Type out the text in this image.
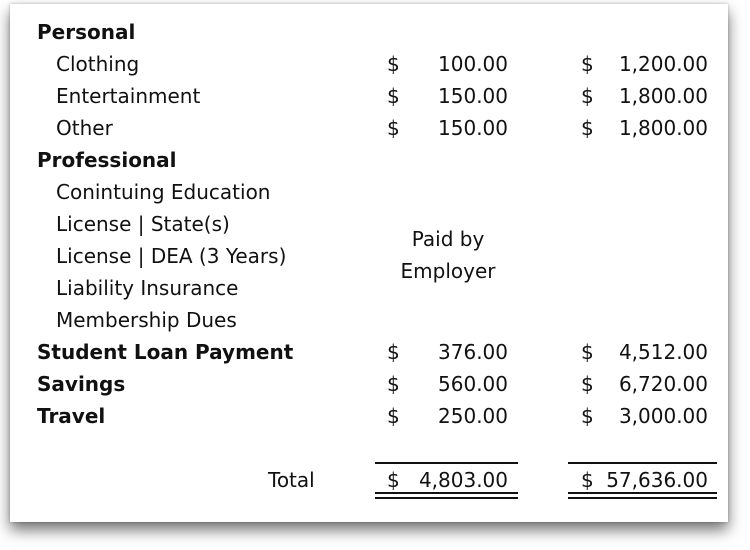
Personal
Clothing	$	100.00	$	1,200.00
Entertainment	$	150.00	$	1,800.00
Other	$	150.00	$	1,800.00
Professional
Conintuing Education
License | State(s)
License | DEA (3 Years)
Liability Insurance
Membership Dues
Paid by
Employer
Student Loan Payment	$	376.00	$	4,512.00
Savings	$	560.00	$	6,720.00
Travel	$	250.00	$	3,000.00
Total	$ 4,803.00	$ 57,636.00
